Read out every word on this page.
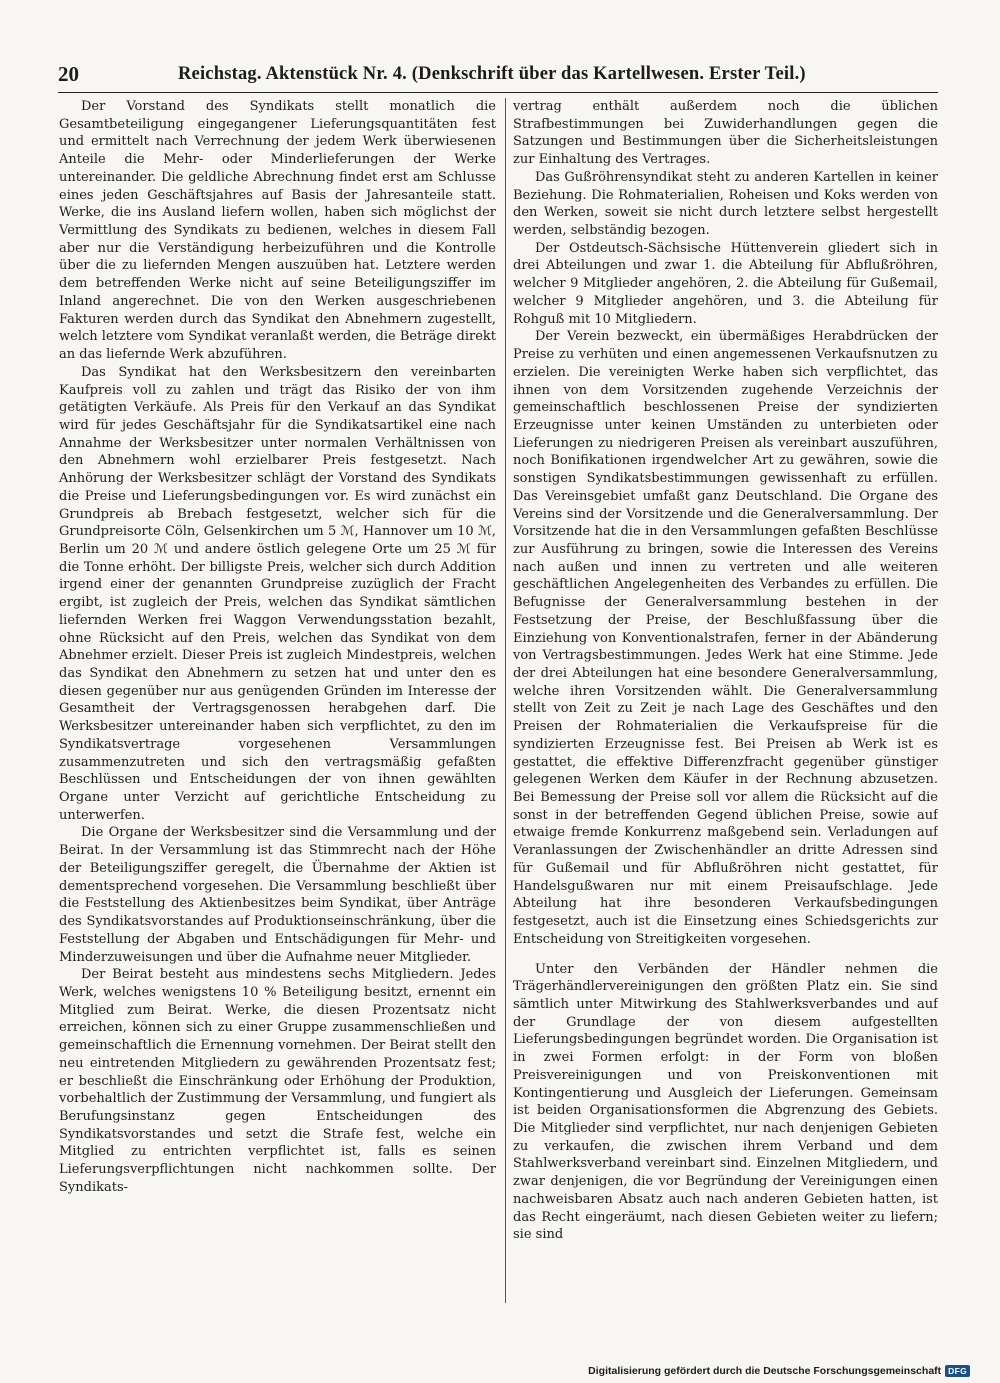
20	Reichstag. Aktenstück Nr. 4. (Denkschrift über das Kartellwesen. Erster Teil.)

Der Vorstand des Syndikats stellt monatlich die Gesamtbeteiligung eingegangener Lieferungsquantitäten fest und ermittelt nach Verrechnung der jedem Werk überwiesenen Anteile die Mehr- oder Minderlieferungen der Werke untereinander. Die geldliche Abrechnung findet erst am Schlusse eines jeden Geschäftsjahres auf Basis der Jahresanteile statt. Werke, die ins Ausland liefern wollen, haben sich möglichst der Vermittlung des Syndikats zu bedienen, welches in diesem Fall aber nur die Verständigung herbeizuführen und die Kontrolle über die zu liefernden Mengen auszuüben hat. Letztere werden dem betreffenden Werke nicht auf seine Beteiligungsziffer im Inland angerechnet. Die von den Werken ausgeschriebenen Fakturen werden durch das Syndikat den Abnehmern zugestellt, welch letztere vom Syndikat veranlaßt werden, die Beträge direkt an das liefernde Werk abzuführen.

Das Syndikat hat den Werksbesitzern den vereinbarten Kaufpreis voll zu zahlen und trägt das Risiko der von ihm getätigten Verkäufe. Als Preis für den Verkauf an das Syndikat wird für jedes Geschäftsjahr für die Syndikatsartikel eine nach Annahme der Werksbesitzer unter normalen Verhältnissen von den Abnehmern wohl erzielbarer Preis festgesetzt. Nach Anhörung der Werksbesitzer schlägt der Vorstand des Syndikats die Preise und Lieferungsbedingungen vor. Es wird zunächst ein Grundpreis ab Brebach festgesetzt, welcher sich für die Grundpreisorte Cöln, Gelsenkirchen um 5 ℳ, Hannover um 10 ℳ, Berlin um 20 ℳ und andere östlich gelegene Orte um 25 ℳ für die Tonne erhöht. Der billigste Preis, welcher sich durch Addition irgend einer der genannten Grundpreise zuzüglich der Fracht ergibt, ist zugleich der Preis, welchen das Syndikat sämtlichen liefernden Werken frei Waggon Verwendungsstation bezahlt, ohne Rücksicht auf den Preis, welchen das Syndikat von dem Abnehmer erzielt. Dieser Preis ist zugleich Mindestpreis, welchen das Syndikat den Abnehmern zu setzen hat und unter den es diesen gegenüber nur aus genügenden Gründen im Interesse der Gesamtheit der Vertragsgenossen herabgehen darf. Die Werksbesitzer untereinander haben sich verpflichtet, zu den im Syndikatsvertrage vorgesehenen Versammlungen zusammenzutreten und sich den vertragsmäßig gefaßten Beschlüssen und Entscheidungen der von ihnen gewählten Organe unter Verzicht auf gerichtliche Entscheidung zu unterwerfen.

Die Organe der Werksbesitzer sind die Versammlung und der Beirat. In der Versammlung ist das Stimmrecht nach der Höhe der Beteiligungsziffer geregelt, die Übernahme der Aktien ist dementsprechend vorgesehen. Die Versammlung beschließt über die Feststellung des Aktienbesitzes beim Syndikat, über Anträge des Syndikatsvorstandes auf Produktionseinschränkung, über die Feststellung der Abgaben und Entschädigungen für Mehr- und Minderzuweisungen und über die Aufnahme neuer Mitglieder.

Der Beirat besteht aus mindestens sechs Mitgliedern. Jedes Werk, welches wenigstens 10 % Beteiligung besitzt, ernennt ein Mitglied zum Beirat. Werke, die diesen Prozentsatz nicht erreichen, können sich zu einer Gruppe zusammenschließen und gemeinschaftlich die Ernennung vornehmen. Der Beirat stellt den neu eintretenden Mitgliedern zu gewährenden Prozentsatz fest; er beschließt die Einschränkung oder Erhöhung der Produktion, vorbehaltlich der Zustimmung der Versammlung, und fungiert als Berufungsinstanz gegen Entscheidungen des Syndikatsvorstandes und setzt die Strafe fest, welche ein Mitglied zu entrichten verpflichtet ist, falls es seinen Lieferungsverpflichtungen nicht nachkommen sollte. Der Syndikats-

vertrag enthält außerdem noch die üblichen Strafbestimmungen bei Zuwiderhandlungen gegen die Satzungen und Bestimmungen über die Sicherheitsleistungen zur Einhaltung des Vertrages.

Das Gußröhrensyndikat steht zu anderen Kartellen in keiner Beziehung. Die Rohmaterialien, Roheisen und Koks werden von den Werken, soweit sie nicht durch letztere selbst hergestellt werden, selbständig bezogen.

Der Ostdeutsch-Sächsische Hüttenverein gliedert sich in drei Abteilungen und zwar 1. die Abteilung für Abflußröhren, welcher 9 Mitglieder angehören, 2. die Abteilung für Gußemail, welcher 9 Mitglieder angehören, und 3. die Abteilung für Rohguß mit 10 Mitgliedern.

Der Verein bezweckt, ein übermäßiges Herabdrücken der Preise zu verhüten und einen angemessenen Verkaufsnutzen zu erzielen. Die vereinigten Werke haben sich verpflichtet, das ihnen von dem Vorsitzenden zugehende Verzeichnis der gemeinschaftlich beschlossenen Preise der syndizierten Erzeugnisse unter keinen Umständen zu unterbieten oder Lieferungen zu niedrigeren Preisen als vereinbart auszuführen, noch Bonifikationen irgendwelcher Art zu gewähren, sowie die sonstigen Syndikatsbestimmungen gewissenhaft zu erfüllen. Das Vereinsgebiet umfaßt ganz Deutschland. Die Organe des Vereins sind der Vorsitzende und die Generalversammlung. Der Vorsitzende hat die in den Versammlungen gefaßten Beschlüsse zur Ausführung zu bringen, sowie die Interessen des Vereins nach außen und innen zu vertreten und alle weiteren geschäftlichen Angelegenheiten des Verbandes zu erfüllen. Die Befugnisse der Generalversammlung bestehen in der Festsetzung der Preise, der Beschlußfassung über die Einziehung von Konventionalstrafen, ferner in der Abänderung von Vertragsbestimmungen. Jedes Werk hat eine Stimme. Jede der drei Abteilungen hat eine besondere Generalversammlung, welche ihren Vorsitzenden wählt. Die Generalversammlung stellt von Zeit zu Zeit je nach Lage des Geschäftes und den Preisen der Rohmaterialien die Verkaufspreise für die syndizierten Erzeugnisse fest. Bei Preisen ab Werk ist es gestattet, die effektive Differenzfracht gegenüber günstiger gelegenen Werken dem Käufer in der Rechnung abzusetzen. Bei Bemessung der Preise soll vor allem die Rücksicht auf die sonst in der betreffenden Gegend üblichen Preise, sowie auf etwaige fremde Konkurrenz maßgebend sein. Verladungen auf Veranlassungen der Zwischenhändler an dritte Adressen sind für Gußemail und für Abflußröhren nicht gestattet, für Handelsgußwaren nur mit einem Preisaufschlage. Jede Abteilung hat ihre besonderen Verkaufsbedingungen festgesetzt, auch ist die Einsetzung eines Schiedsgerichts zur Entscheidung von Streitigkeiten vorgesehen.

Unter den Verbänden der Händler nehmen die Trägerhändlervereinigungen den größten Platz ein. Sie sind sämtlich unter Mitwirkung des Stahlwerksverbandes und auf der Grundlage der von diesem aufgestellten Lieferungsbedingungen begründet worden. Die Organisation ist in zwei Formen erfolgt: in der Form von bloßen Preisvereinigungen und von Preiskonventionen mit Kontingentierung und Ausgleich der Lieferungen. Gemeinsam ist beiden Organisationsformen die Abgrenzung des Gebiets. Die Mitglieder sind verpflichtet, nur nach denjenigen Gebieten zu verkaufen, die zwischen ihrem Verband und dem Stahlwerksverband vereinbart sind. Einzelnen Mitgliedern, und zwar denjenigen, die vor Begründung der Vereinigungen einen nachweisbaren Absatz auch nach anderen Gebieten hatten, ist das Recht eingeräumt, nach diesen Gebieten weiter zu liefern; sie sind

Digitalisierung gefördert durch die Deutsche Forschungsgemeinschaft DFG
